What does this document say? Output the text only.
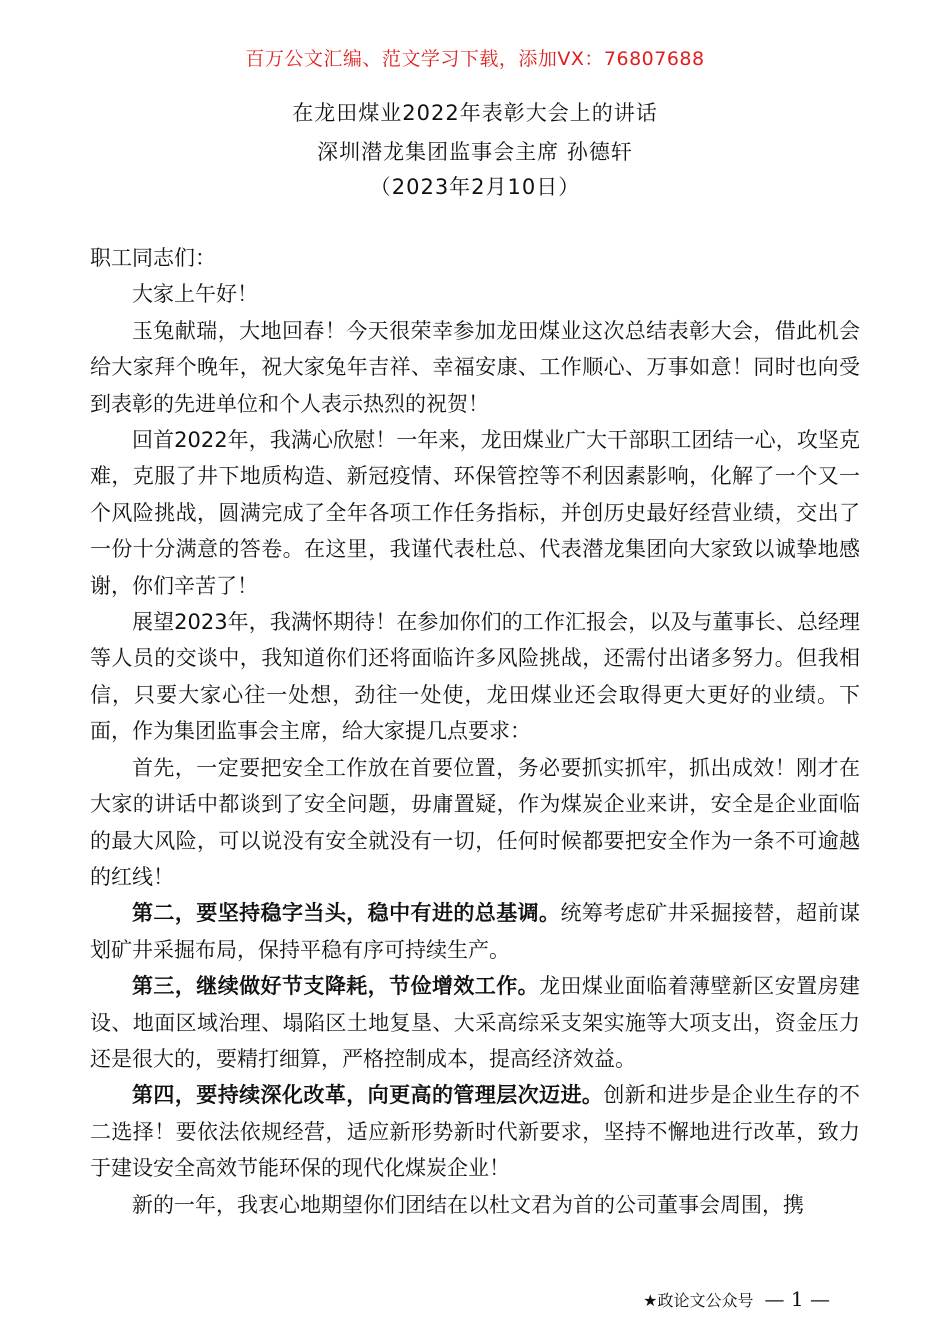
百万公文汇编、范文学习下载，添加VX：76807688
在龙田煤业2022年表彰大会上的讲话
深圳潜龙集团监事会主席 孙德轩
（2023年2月10日）

职工同志们：

大家上午好！

玉兔献瑞，大地回春！今天很荣幸参加龙田煤业这次总结表彰大会，借此机会给大家拜个晚年，祝大家兔年吉祥、幸福安康、工作顺心、万事如意！同时也向受到表彰的先进单位和个人表示热烈的祝贺！

回首2022年，我满心欣慰！一年来，龙田煤业广大干部职工团结一心，攻坚克难，克服了井下地质构造、新冠疫情、环保管控等不利因素影响，化解了一个又一个风险挑战，圆满完成了全年各项工作任务指标，并创历史最好经营业绩，交出了一份十分满意的答卷。在这里，我谨代表杜总、代表潜龙集团向大家致以诚挚地感谢，你们辛苦了！

展望2023年，我满怀期待！在参加你们的工作汇报会，以及与董事长、总经理等人员的交谈中，我知道你们还将面临许多风险挑战，还需付出诸多努力。但我相信，只要大家心往一处想，劲往一处使，龙田煤业还会取得更大更好的业绩。下面，作为集团监事会主席，给大家提几点要求：

首先，一定要把安全工作放在首要位置，务必要抓实抓牢，抓出成效！刚才在大家的讲话中都谈到了安全问题，毋庸置疑，作为煤炭企业来讲，安全是企业面临的最大风险，可以说没有安全就没有一切，任何时候都要把安全作为一条不可逾越的红线！

第二，要坚持稳字当头，稳中有进的总基调。统筹考虑矿井采掘接替，超前谋划矿井采掘布局，保持平稳有序可持续生产。

第三，继续做好节支降耗，节俭增效工作。龙田煤业面临着薄壁新区安置房建设、地面区域治理、塌陷区土地复垦、大采高综采支架实施等大项支出，资金压力还是很大的，要精打细算，严格控制成本，提高经济效益。

第四，要持续深化改革，向更高的管理层次迈进。创新和进步是企业生存的不二选择！要依法依规经营，适应新形势新时代新要求，坚持不懈地进行改革，致力于建设安全高效节能环保的现代化煤炭企业！

新的一年，我衷心地期望你们团结在以杜文君为首的公司董事会周围，携

★政论文公众号 — 1 —
